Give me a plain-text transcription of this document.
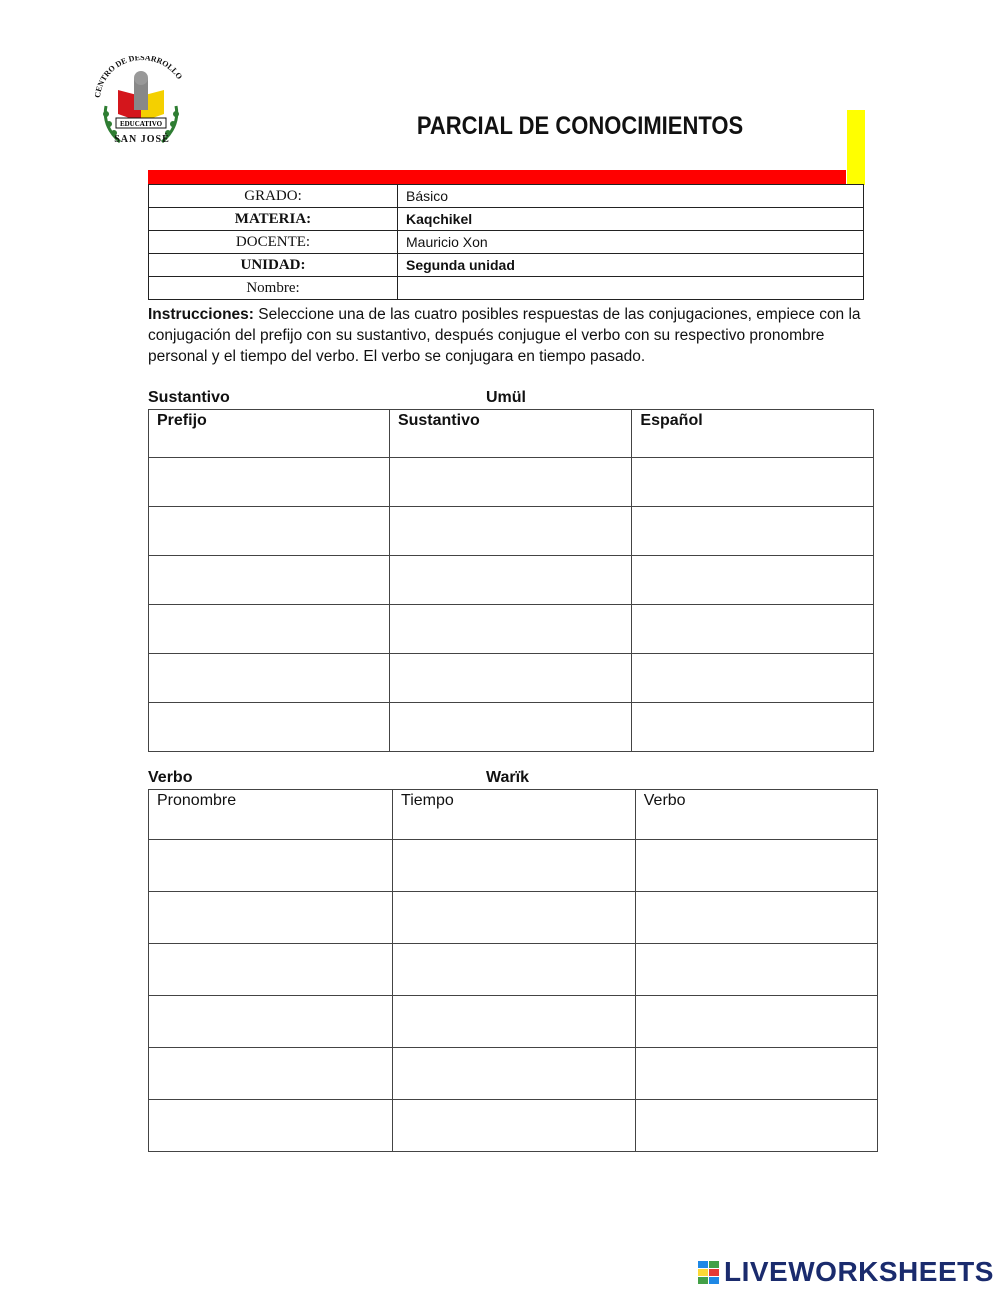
CENTRO DE DESARROLLO
EDUCATIVO
SAN JOSÉ	PARCIAL DE CONOCIMIENTOS
GRADO:	Básico
MATERIA:	Kaqchikel
DOCENTE:	Mauricio Xon
UNIDAD:	Segunda unidad
Nombre:	
Instrucciones: Seleccione una de las cuatro posibles respuestas de las conjugaciones, empiece con la conjugación del prefijo con su sustantivo, después conjugue el verbo con su respectivo pronombre personal y el tiempo del verbo. El verbo se conjugara en tiempo pasado.
Sustantivo	Umül
Prefijo	Sustantivo	Español

Verbo	Warïk
Pronombre	Tiempo	Verbo

LIVEWORKSHEETS
